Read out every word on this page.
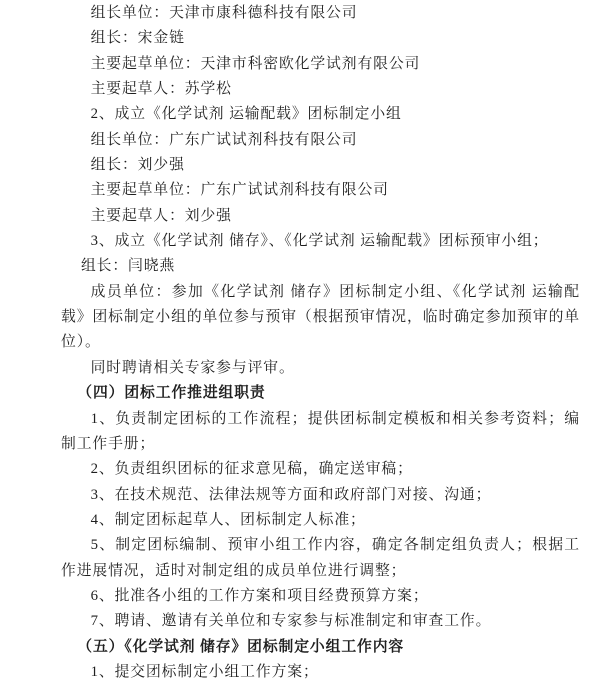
组长单位：天津市康科德科技有限公司

组长：宋金链

主要起草单位：天津市科密欧化学试剂有限公司

主要起草人：苏学松

2、成立《化学试剂 运输配载》团标制定小组

组长单位：广东广试试剂科技有限公司

组长：刘少强

主要起草单位：广东广试试剂科技有限公司

主要起草人：刘少强

3、成立《化学试剂 储存》、《化学试剂 运输配载》团标预审小组；

组长：闫晓燕

成员单位：参加《化学试剂 储存》团标制定小组、《化学试剂 运输配载》团标制定小组的单位参与预审（根据预审情况，临时确定参加预审的单位）。

同时聘请相关专家参与评审。

（四）团标工作推进组职责

1、负责制定团标的工作流程；提供团标制定模板和相关参考资料；编制工作手册；

2、负责组织团标的征求意见稿，确定送审稿；

3、在技术规范、法律法规等方面和政府部门对接、沟通；

4、制定团标起草人、团标制定人标准；

5、制定团标编制、预审小组工作内容，确定各制定组负责人；根据工作进展情况，适时对制定组的成员单位进行调整；

6、批准各小组的工作方案和项目经费预算方案；

7、聘请、邀请有关单位和专家参与标准制定和审查工作。

（五）《化学试剂 储存》团标制定小组工作内容

1、提交团标制定小组工作方案；
